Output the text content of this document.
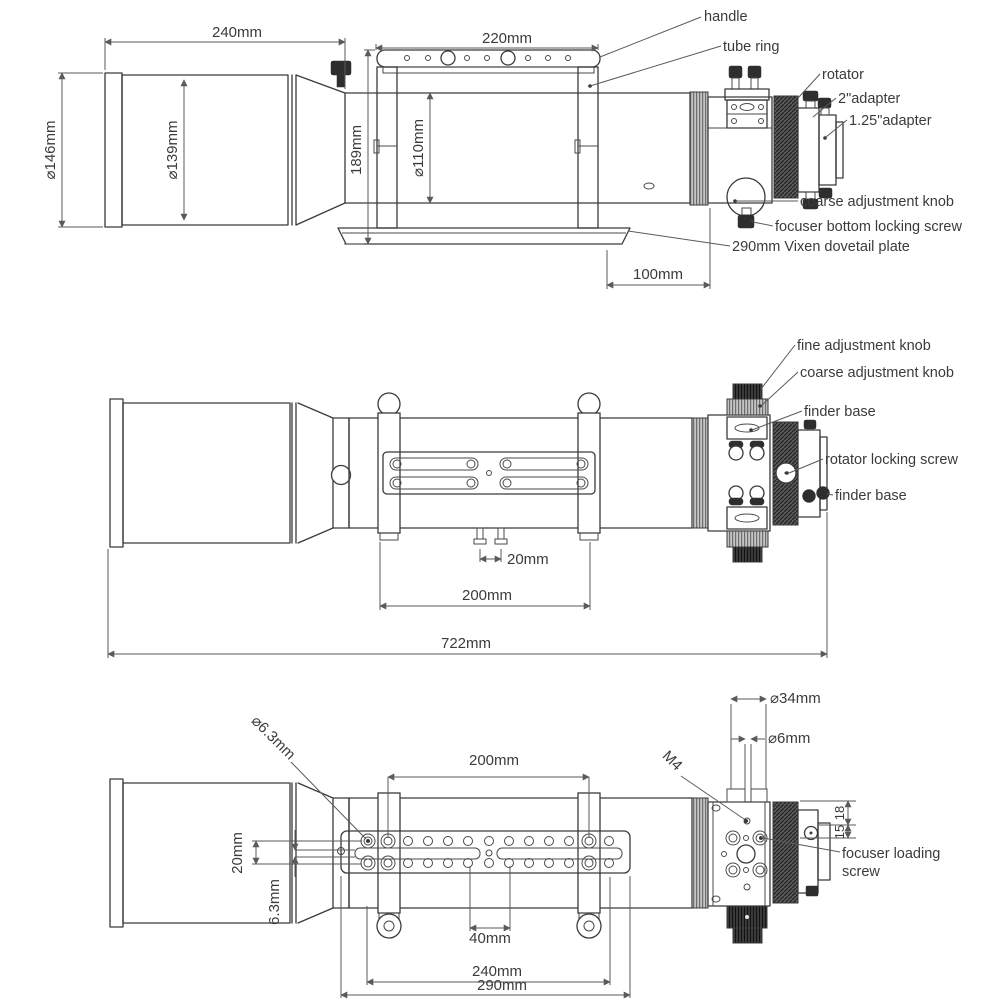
240mm	220mm
⌀146mm	⌀139mm	189mm	⌀110mm
100mm
handle
tube ring
rotator
2"adapter
1.25"adapter
coarse adjustment knob
focuser bottom locking screw
290mm Vixen dovetail plate
20mm
200mm
722mm
fine adjustment knob
coarse adjustment knob
finder base
rotator locking screw
finder base
200mm
⌀6.3mm	M4
⌀34mm
⌀6mm
20mm
6.3mm
40mm
240mm
290mm
18
15
focuser loading
screw
